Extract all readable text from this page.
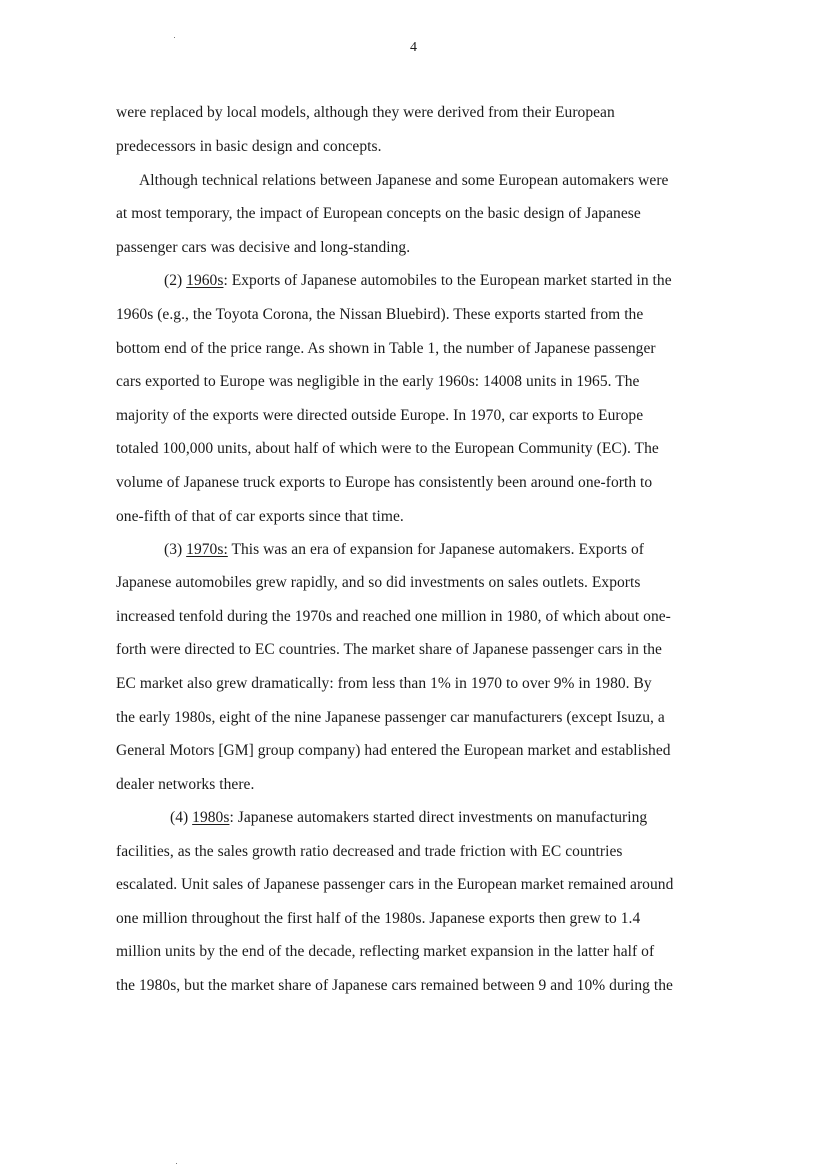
4
were replaced by local models, although they were derived from their European
predecessors in basic design and concepts.
Although technical relations between Japanese and some European automakers were
at most temporary, the impact of European concepts on the basic design of Japanese
passenger cars was decisive and long-standing.
(2) 1960s: Exports of Japanese automobiles to the European market started in the
1960s (e.g., the Toyota Corona, the Nissan Bluebird). These exports started from the
bottom end of the price range. As shown in Table 1, the number of Japanese passenger
cars exported to Europe was negligible in the early 1960s: 14008 units in 1965. The
majority of the exports were directed outside Europe. In 1970, car exports to Europe
totaled 100,000 units, about half of which were to the European Community (EC). The
volume of Japanese truck exports to Europe has consistently been around one-forth to
one-fifth of that of car exports since that time.
(3) 1970s: This was an era of expansion for Japanese automakers. Exports of
Japanese automobiles grew rapidly, and so did investments on sales outlets. Exports
increased tenfold during the 1970s and reached one million in 1980, of which about one-
forth were directed to EC countries. The market share of Japanese passenger cars in the
EC market also grew dramatically: from less than 1% in 1970 to over 9% in 1980. By
the early 1980s, eight of the nine Japanese passenger car manufacturers (except Isuzu, a
General Motors [GM] group company) had entered the European market and established
dealer networks there.
(4) 1980s: Japanese automakers started direct investments on manufacturing
facilities, as the sales growth ratio decreased and trade friction with EC countries
escalated. Unit sales of Japanese passenger cars in the European market remained around
one million throughout the first half of the 1980s. Japanese exports then grew to 1.4
million units by the end of the decade, reflecting market expansion in the latter half of
the 1980s, but the market share of Japanese cars remained between 9 and 10% during the
